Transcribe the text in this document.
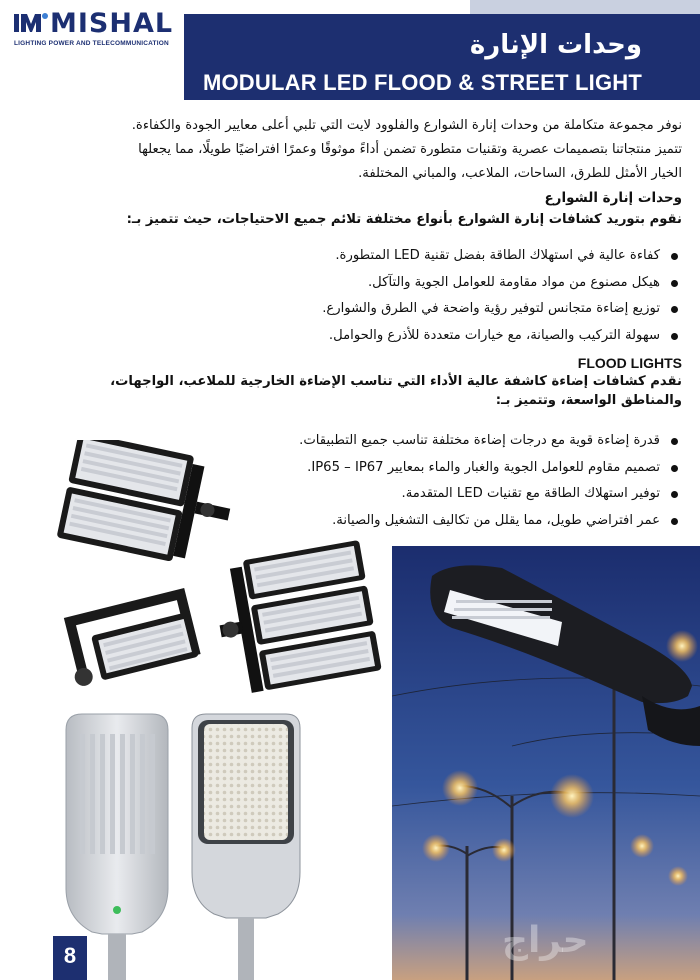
MISHAL
LIGHTING POWER AND TELECOMMUNICATION	وحدات الإنارة
MODULAR LED FLOOD & STREET LIGHT

نوفر مجموعة متكاملة من وحدات إنارة الشوارع والفلوود لايت التي تلبي أعلى معايير الجودة والكفاءة.

تتميز منتجاتنا بتصميمات عصرية وتقنيات متطورة تضمن أداءً موثوقًا وعمرًا افتراضيًا طويلًا، مما يجعلها

الخيار الأمثل للطرق، الساحات، الملاعب، والمباني المختلفة.

وحدات إنارة الشوارع
نقوم بتوريد كشافات إنارة الشوارع بأنواع مختلفة تلائم جميع الاحتياجات، حيث تتميز بـ:
كفاءة عالية في استهلاك الطاقة بفضل تقنية LED المتطورة.
هيكل مصنوع من مواد مقاومة للعوامل الجوية والتآكل.
توزيع إضاءة متجانس لتوفير رؤية واضحة في الطرق والشوارع.
سهولة التركيب والصيانة، مع خيارات متعددة للأذرع والحوامل.
FLOOD LIGHTS

نقدم كشافات إضاءة كاشفة عالية الأداء التي تناسب الإضاءة الخارجية للملاعب، الواجهات،

والمناطق الواسعة، وتتميز بـ:

قدرة إضاءة قوية مع درجات إضاءة مختلفة تناسب جميع التطبيقات.
تصميم مقاوم للعوامل الجوية والغبار والماء بمعايير IP65 – IP67.
توفير استهلاك الطاقة مع تقنيات LED المتقدمة.
عمر افتراضي طويل، مما يقلل من تكاليف التشغيل والصيانة.
حراج
8
